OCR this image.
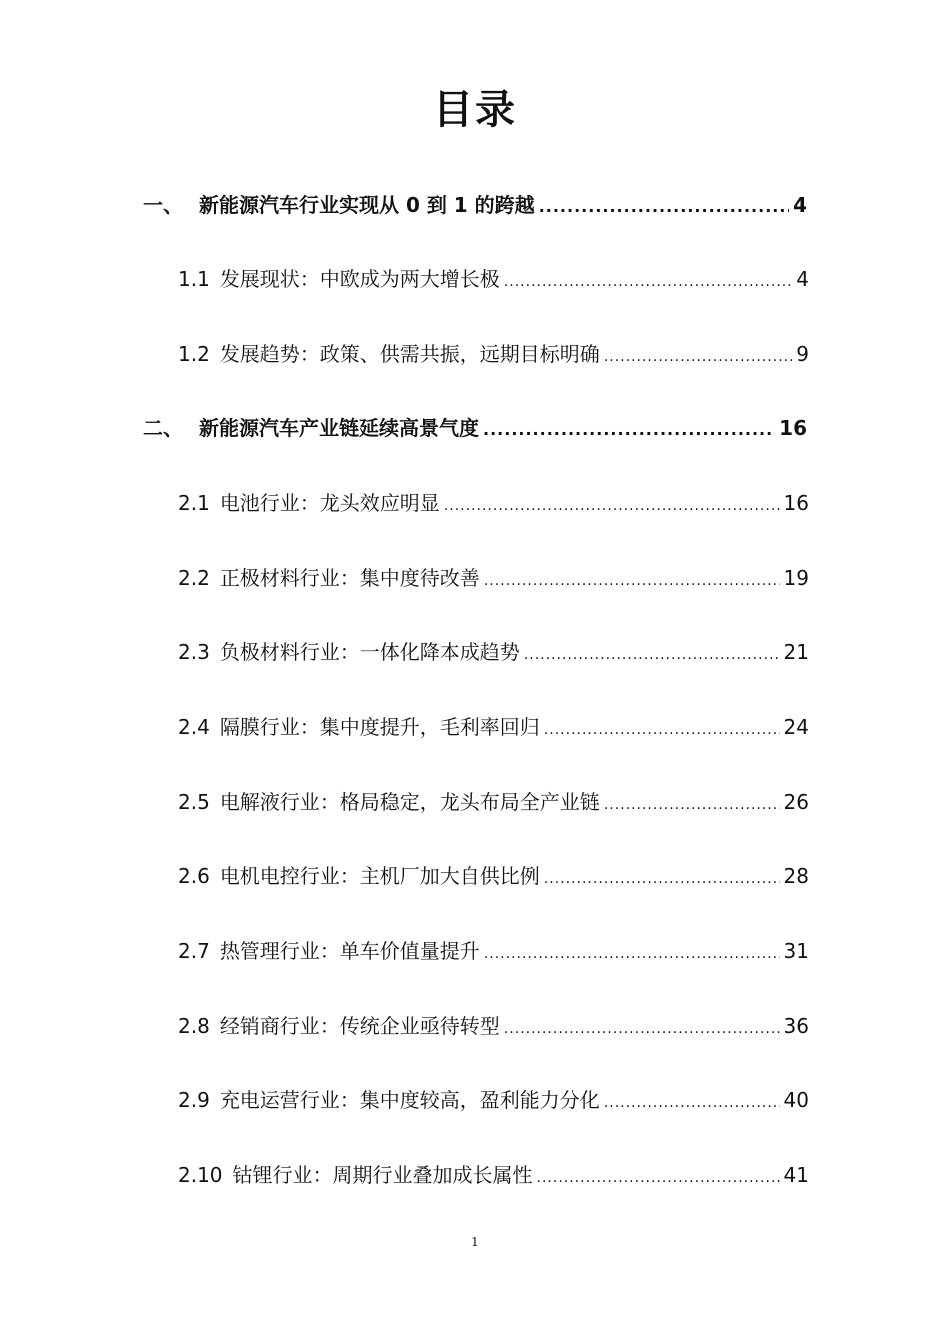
目录
一、 新能源汽车行业实现从 0 到 1 的跨越 .....	4
1.1 发展现状：中欧成为两大增长极 .....	4
1.2 发展趋势：政策、供需共振，远期目标明确 .....	9
二、 新能源汽车产业链延续高景气度 .....	16
2.1 电池行业：龙头效应明显 .....	16
2.2 正极材料行业：集中度待改善 .....	19
2.3 负极材料行业：一体化降本成趋势 .....	21
2.4 隔膜行业：集中度提升，毛利率回归 .....	24
2.5 电解液行业：格局稳定，龙头布局全产业链 .....	26
2.6 电机电控行业：主机厂加大自供比例 .....	28
2.7 热管理行业：单车价值量提升 .....	31
2.8 经销商行业：传统企业亟待转型 .....	36
2.9 充电运营行业：集中度较高，盈利能力分化 .....	40
2.10 钴锂行业：周期行业叠加成长属性 .....	41
1
